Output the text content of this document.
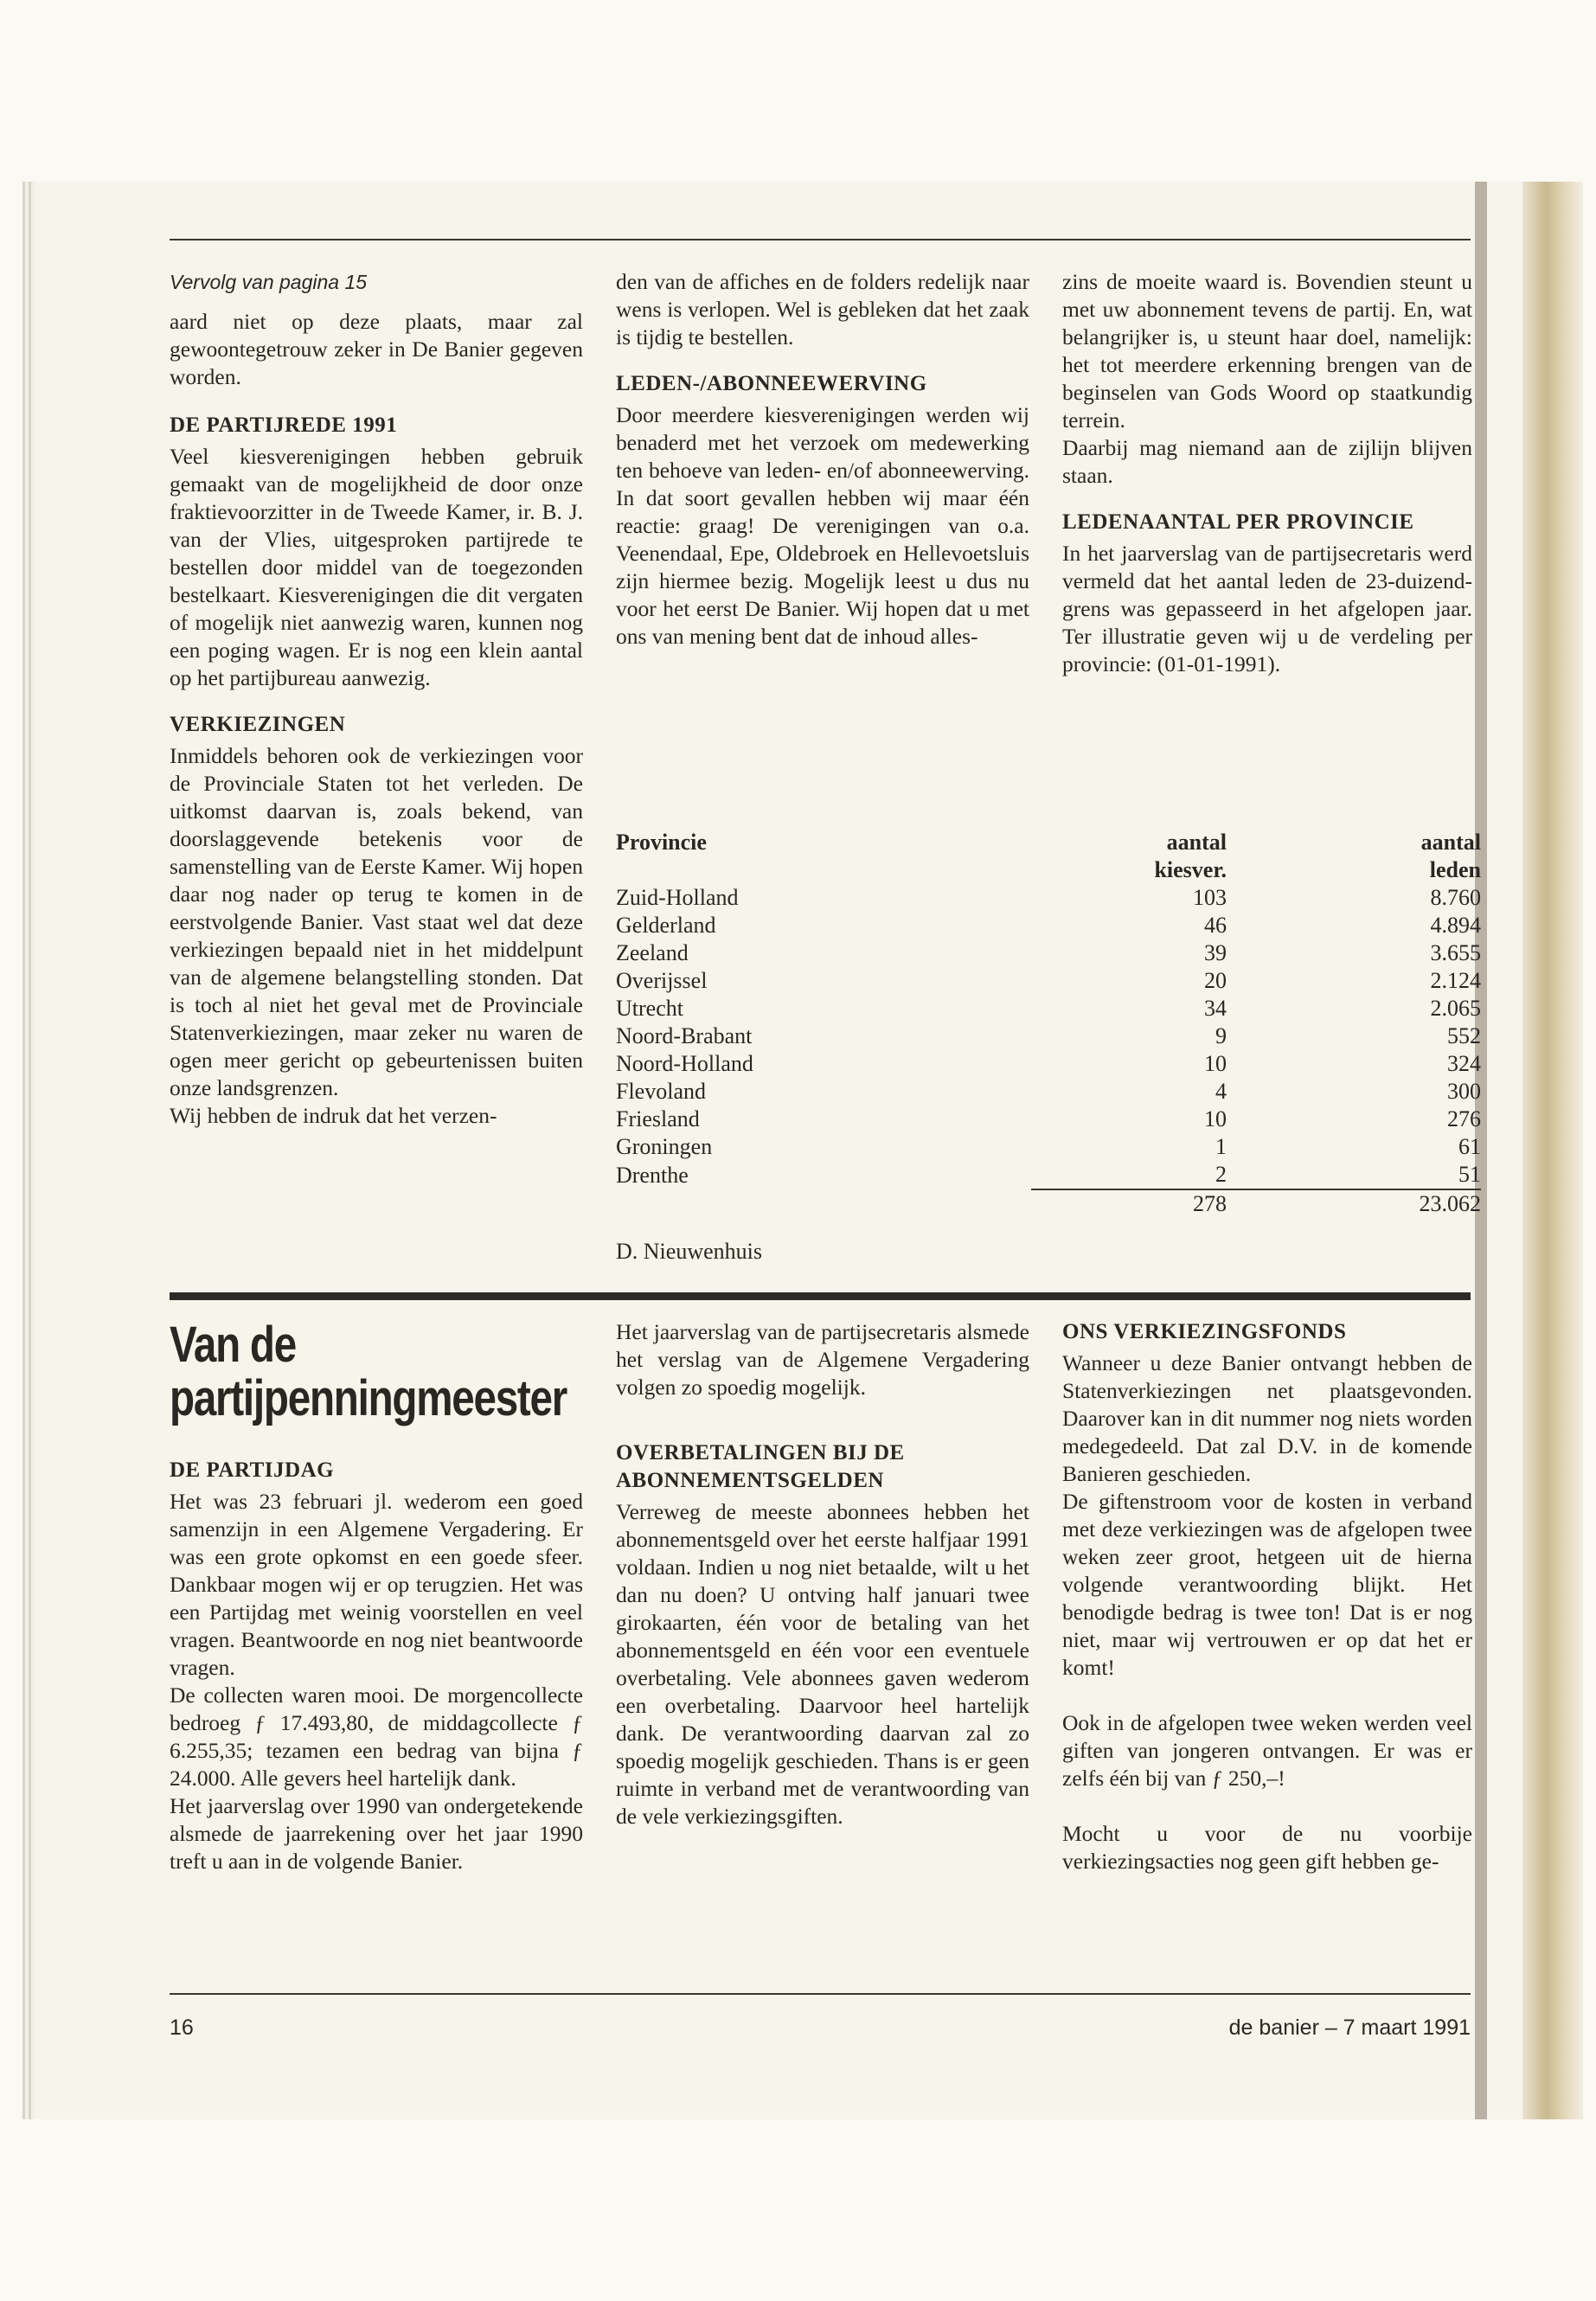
Vervolg van pagina 15

aard niet op deze plaats, maar zal gewoontegetrouw zeker in De Banier gegeven worden.

DE PARTIJREDE 1991

Veel kiesverenigingen hebben gebruik gemaakt van de mogelijkheid de door onze fraktievoorzitter in de Tweede Kamer, ir. B. J. van der Vlies, uitgesproken partijrede te bestellen door middel van de toegezonden bestelkaart. Kiesverenigingen die dit vergaten of mogelijk niet aanwezig waren, kunnen nog een poging wagen. Er is nog een klein aantal op het partijbureau aanwezig.

VERKIEZINGEN

Inmiddels behoren ook de verkiezingen voor de Provinciale Staten tot het verleden. De uitkomst daarvan is, zoals bekend, van doorslaggevende betekenis voor de samenstelling van de Eerste Kamer. Wij hopen daar nog nader op terug te komen in de eerstvolgende Banier. Vast staat wel dat deze verkiezingen bepaald niet in het middelpunt van de algemene belangstelling stonden. Dat is toch al niet het geval met de Provinciale Statenverkiezingen, maar zeker nu waren de ogen meer gericht op gebeurtenissen buiten onze landsgrenzen.

Wij hebben de indruk dat het verzen-

den van de affiches en de folders redelijk naar wens is verlopen. Wel is gebleken dat het zaak is tijdig te bestellen.

LEDEN-/ABONNEEWERVING

Door meerdere kiesverenigingen werden wij benaderd met het verzoek om medewerking ten behoeve van leden- en/of abonneewerving. In dat soort gevallen hebben wij maar één reactie: graag! De verenigingen van o.a. Veenendaal, Epe, Oldebroek en Hellevoetsluis zijn hiermee bezig. Mogelijk leest u dus nu voor het eerst De Banier. Wij hopen dat u met ons van mening bent dat de inhoud alles-

zins de moeite waard is. Bovendien steunt u met uw abonnement tevens de partij. En, wat belangrijker is, u steunt haar doel, namelijk: het tot meerdere erkenning brengen van de beginselen van Gods Woord op staatkundig terrein.

Daarbij mag niemand aan de zijlijn blijven staan.

LEDENAANTAL PER PROVINCIE

In het jaarverslag van de partijsecretaris werd vermeld dat het aantal leden de 23-duizend-grens was gepasseerd in het afgelopen jaar. Ter illustratie geven wij u de verdeling per provincie: (01-01-1991).

Provincie	aantal	aantal
	kiesver.	leden
Zuid-Holland	103	8.760
Gelderland	46	4.894
Zeeland	39	3.655
Overijssel	20	2.124
Utrecht	34	2.065
Noord-Brabant	9	552
Noord-Holland	10	324
Flevoland	4	300
Friesland	10	276
Groningen	1	61
Drenthe	2	51
	278	23.062
D. Nieuwenhuis
Van de
partijpenningmeester
DE PARTIJDAG

Het was 23 februari jl. wederom een goed samenzijn in een Algemene Vergadering. Er was een grote opkomst en een goede sfeer. Dankbaar mogen wij er op terugzien. Het was een Partijdag met weinig voorstellen en veel vragen. Beantwoorde en nog niet beantwoorde vragen.

De collecten waren mooi. De morgencollecte bedroeg ƒ 17.493,80, de middagcollecte ƒ 6.255,35; tezamen een bedrag van bijna ƒ 24.000. Alle gevers heel hartelijk dank.

Het jaarverslag over 1990 van ondergetekende alsmede de jaarrekening over het jaar 1990 treft u aan in de volgende Banier.

Het jaarverslag van de partijsecretaris alsmede het verslag van de Algemene Vergadering volgen zo spoedig mogelijk.

OVERBETALINGEN BIJ DE ABONNEMENTSGELDEN

Verreweg de meeste abonnees hebben het abonnementsgeld over het eerste halfjaar 1991 voldaan. Indien u nog niet betaalde, wilt u het dan nu doen? U ontving half januari twee girokaarten, één voor de betaling van het abonnementsgeld en één voor een eventuele overbetaling. Vele abonnees gaven wederom een overbetaling. Daarvoor heel hartelijk dank. De verantwoording daarvan zal zo spoedig mogelijk geschieden. Thans is er geen ruimte in verband met de verantwoording van de vele verkiezingsgiften.

ONS VERKIEZINGSFONDS

Wanneer u deze Banier ontvangt hebben de Statenverkiezingen net plaatsgevonden. Daarover kan in dit nummer nog niets worden medegedeeld. Dat zal D.V. in de komende Banieren geschieden.

De giftenstroom voor de kosten in verband met deze verkiezingen was de afgelopen twee weken zeer groot, hetgeen uit de hierna volgende verantwoording blijkt. Het benodigde bedrag is twee ton! Dat is er nog niet, maar wij vertrouwen er op dat het er komt!

Ook in de afgelopen twee weken werden veel giften van jongeren ontvangen. Er was er zelfs één bij van ƒ 250,–!

Mocht u voor de nu voorbije verkiezingsacties nog geen gift hebben ge-

16	de banier – 7 maart 1991
